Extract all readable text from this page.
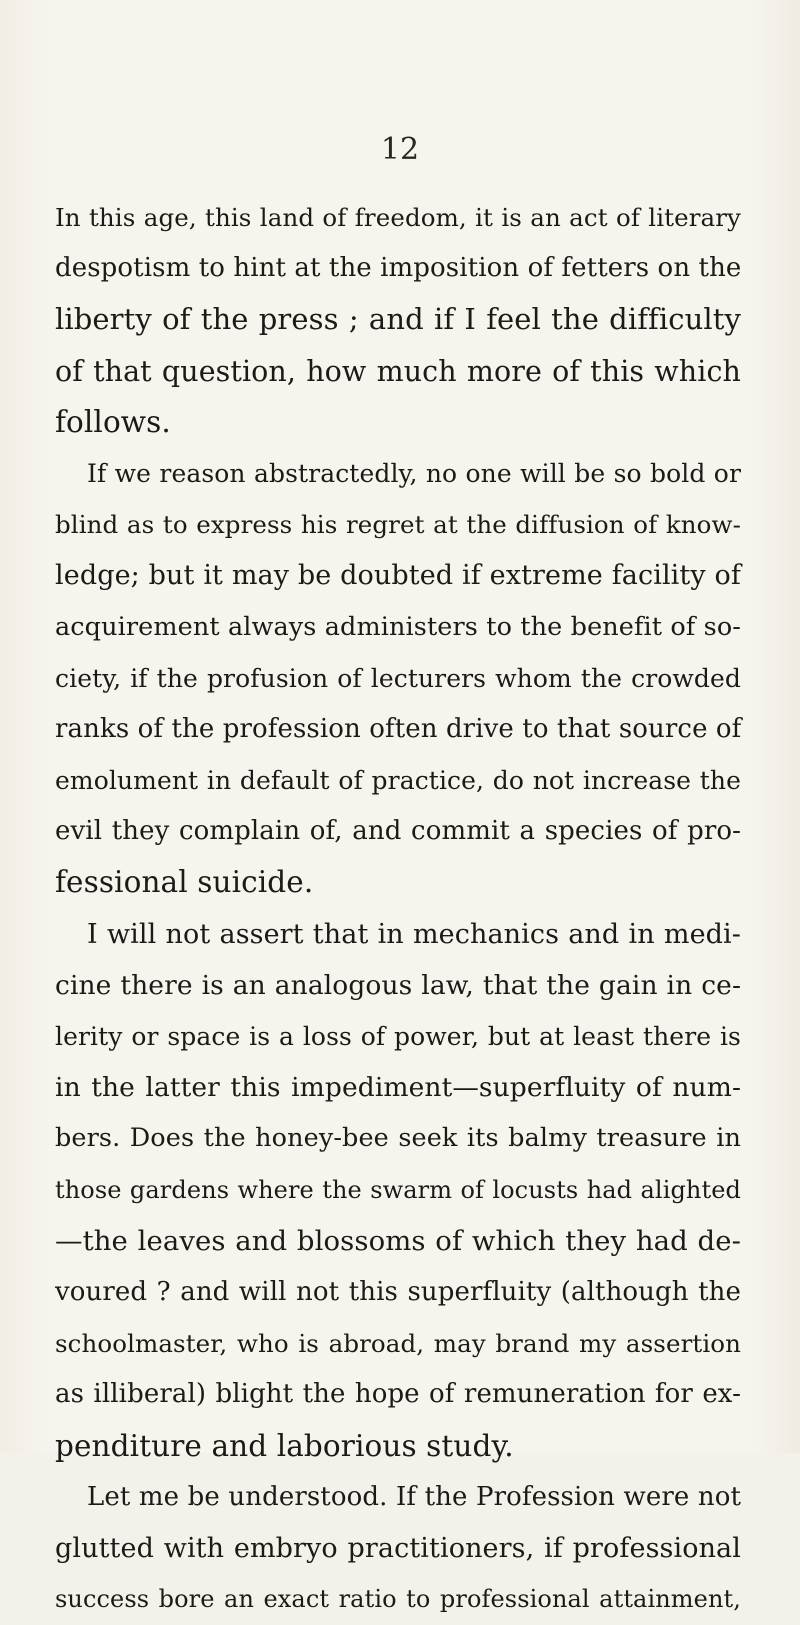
12
In this age, this land of freedom, it is an act of literary
despotism to hint at the imposition of fetters on the
liberty of the press ; and if I feel the difficulty
of that question, how much more of this which
follows.
If we reason abstractedly, no one will be so bold or
blind as to express his regret at the diffusion of know-
ledge; but it may be doubted if extreme facility of
acquirement always administers to the benefit of so-
ciety, if the profusion of lecturers whom the crowded
ranks of the profession often drive to that source of
emolument in default of practice, do not increase the
evil they complain of, and commit a species of pro-
fessional suicide.
I will not assert that in mechanics and in medi-
cine there is an analogous law, that the gain in ce-
lerity or space is a loss of power, but at least there is
in the latter this impediment—superfluity of num-
bers. Does the honey-bee seek its balmy treasure in
those gardens where the swarm of locusts had alighted
—the leaves and blossoms of which they had de-
voured ? and will not this superfluity (although the
schoolmaster, who is abroad, may brand my assertion
as illiberal) blight the hope of remuneration for ex-
penditure and laborious study.
Let me be understood. If the Profession were not
glutted with embryo practitioners, if professional
success bore an exact ratio to professional attainment,
